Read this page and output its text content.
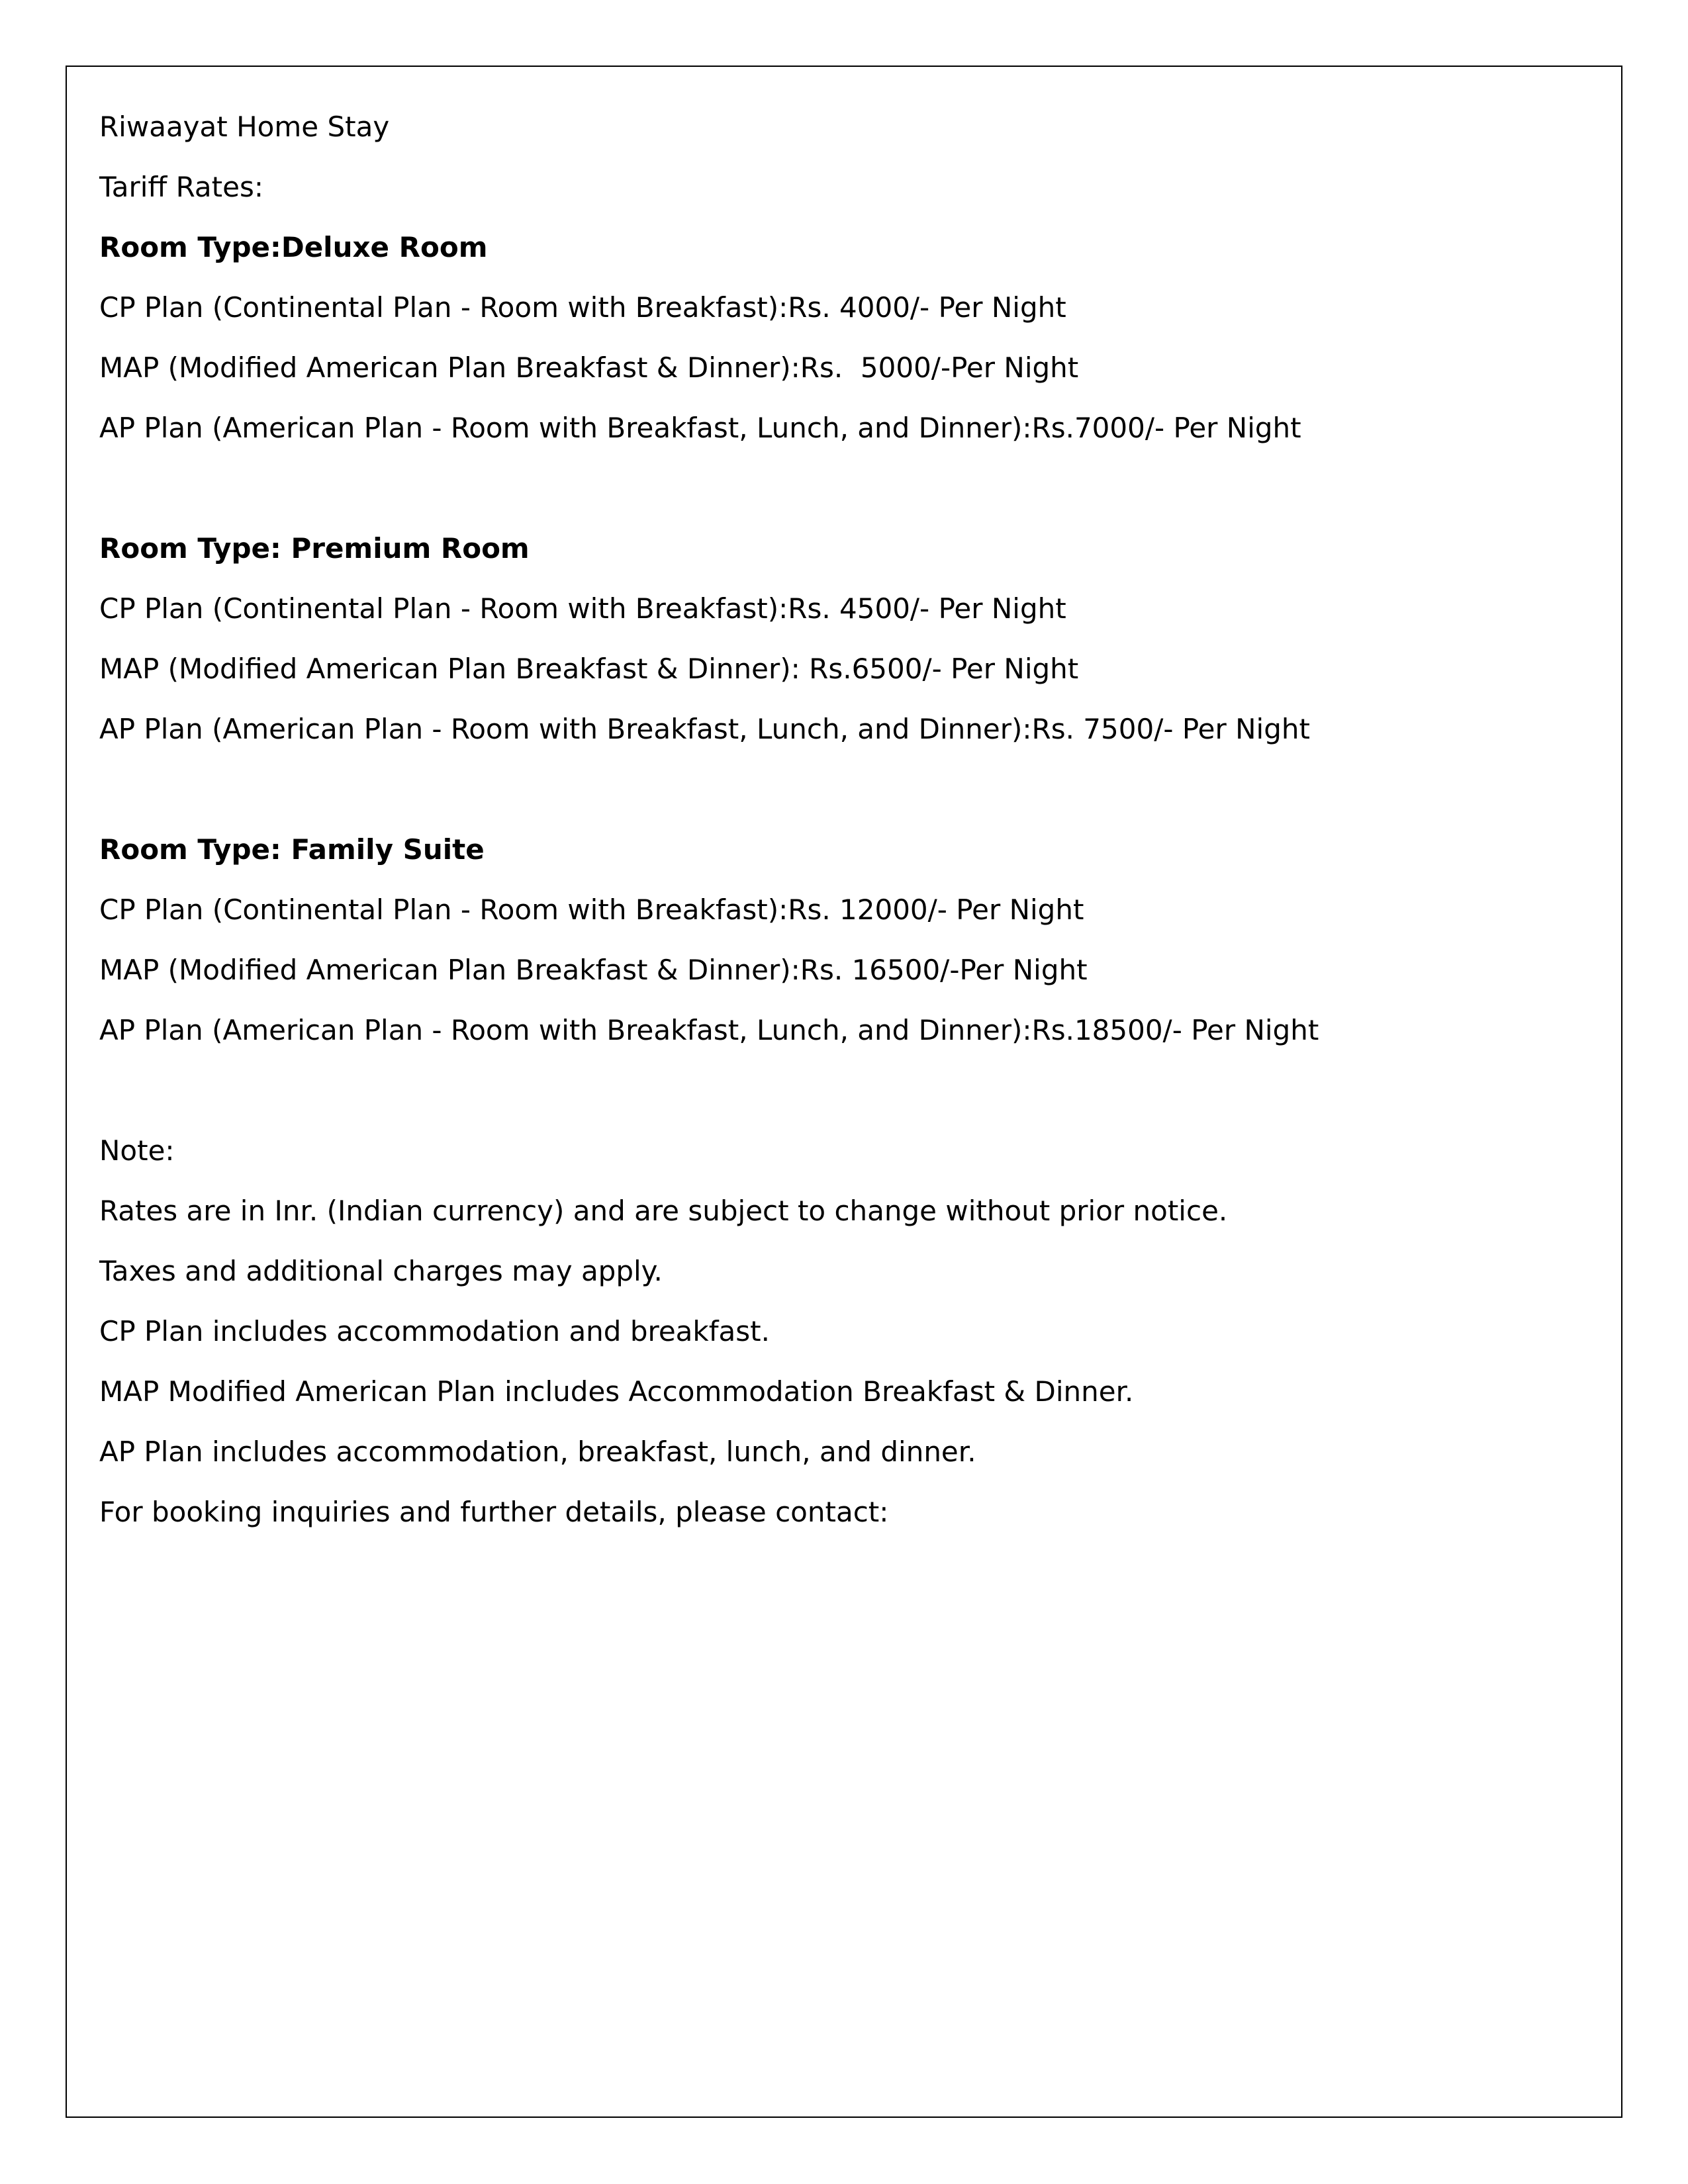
Riwaayat Home Stay
Tariff Rates:
Room Type:Deluxe Room
CP Plan (Continental Plan - Room with Breakfast):Rs. 4000/- Per Night
MAP (Modified American Plan Breakfast & Dinner):Rs.  5000/-Per Night
AP Plan (American Plan - Room with Breakfast, Lunch, and Dinner):Rs.7000/- Per Night
Room Type: Premium Room
CP Plan (Continental Plan - Room with Breakfast):Rs. 4500/- Per Night
MAP (Modified American Plan Breakfast & Dinner): Rs.6500/- Per Night
AP Plan (American Plan - Room with Breakfast, Lunch, and Dinner):Rs. 7500/- Per Night
Room Type: Family Suite
CP Plan (Continental Plan - Room with Breakfast):Rs. 12000/- Per Night
MAP (Modified American Plan Breakfast & Dinner):Rs. 16500/-Per Night
AP Plan (American Plan - Room with Breakfast, Lunch, and Dinner):Rs.18500/- Per Night
Note:
Rates are in Inr. (Indian currency) and are subject to change without prior notice.
Taxes and additional charges may apply.
CP Plan includes accommodation and breakfast.
MAP Modified American Plan includes Accommodation Breakfast & Dinner.
AP Plan includes accommodation, breakfast, lunch, and dinner.
For booking inquiries and further details, please contact:
